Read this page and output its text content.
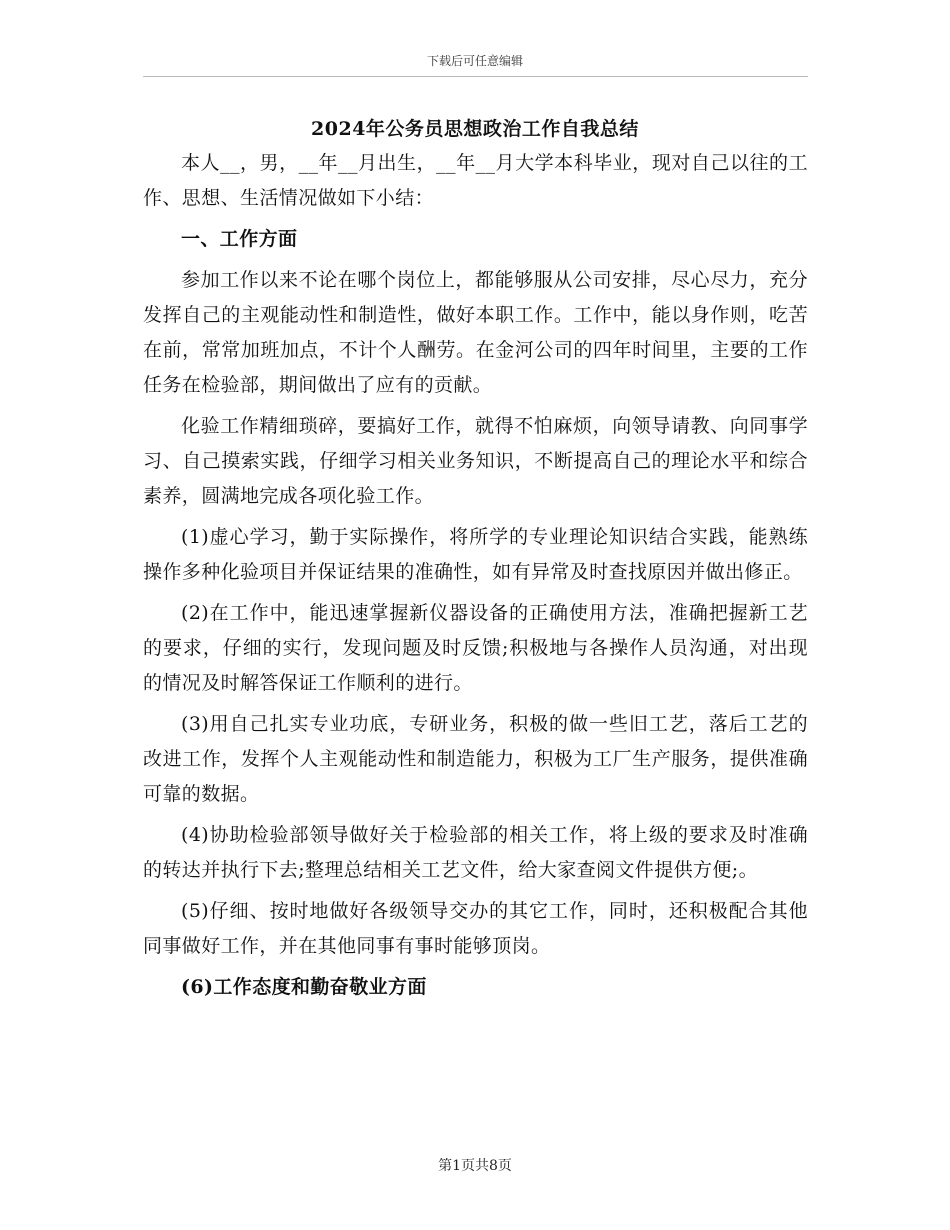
下载后可任意编辑
2024年公务员思想政治工作自我总结

本人__，男，__年__月出生，__年__月大学本科毕业，现对自己以往的工作、思想、生活情况做如下小结：

一、工作方面

参加工作以来不论在哪个岗位上，都能够服从公司安排，尽心尽力，充分发挥自己的主观能动性和制造性，做好本职工作。工作中，能以身作则，吃苦在前，常常加班加点，不计个人酬劳。在金河公司的四年时间里，主要的工作任务在检验部，期间做出了应有的贡献。

化验工作精细琐碎，要搞好工作，就得不怕麻烦，向领导请教、向同事学习、自己摸索实践，仔细学习相关业务知识，不断提高自己的理论水平和综合素养，圆满地完成各项化验工作。

(1)虚心学习，勤于实际操作，将所学的专业理论知识结合实践，能熟练操作多种化验项目并保证结果的准确性，如有异常及时查找原因并做出修正。

(2)在工作中，能迅速掌握新仪器设备的正确使用方法，准确把握新工艺的要求，仔细的实行，发现问题及时反馈;积极地与各操作人员沟通，对出现的情况及时解答保证工作顺利的进行。

(3)用自己扎实专业功底，专研业务，积极的做一些旧工艺，落后工艺的改进工作，发挥个人主观能动性和制造能力，积极为工厂生产服务，提供准确可靠的数据。

(4)协助检验部领导做好关于检验部的相关工作，将上级的要求及时准确的转达并执行下去;整理总结相关工艺文件，给大家查阅文件提供方便;。

(5)仔细、按时地做好各级领导交办的其它工作，同时，还积极配合其他同事做好工作，并在其他同事有事时能够顶岗。

(6)工作态度和勤奋敬业方面

第1页共8页
